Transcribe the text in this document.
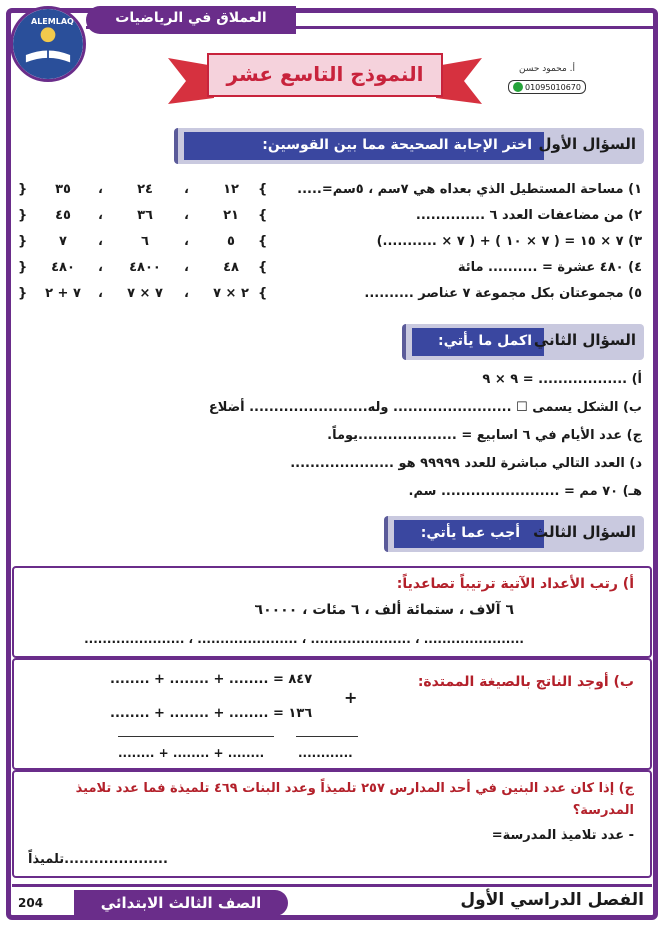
العملاق في الرياضيات
ALEMLAQ
النموذج التاسع عشر	أ. محمود حسن
01095010670
السؤال الأول
اختر الإجابة الصحيحة مما بين القوسين:
١) مساحة المستطيل الذي بعداه هي ٧سم ، ٥سم=.....
}
{	١٢
،
٢٤
،
٣٥
٢) من مضاعفات العدد ٦ ..............
}
{	٢١
،
٣٦
،
٤٥
٣) ٧ × ١٥ = ( ٧ × ١٠ ) + ( ٧ × ...........)
}
{	٥
،
٦
،
٧
٤) ٤٨٠ عشرة = .......... مائة
}
{	٤٨
،
٤٨٠٠
،
٤٨٠
٥) مجموعتان بكل مجموعة ٧ عناصر ..........
}
{	٢ × ٧
،
٧ × ٧
،
٧ + ٢
السؤال الثاني
اكمل ما يأتي:
أ) .................. = ٩ × ٩
ب) الشكل يسمى ☐ ........................ وله........................ أضلاع
ج) عدد الأيام في ٦ اسابيع = ....................يوماً.
د) العدد التالي مباشرة للعدد ٩٩٩٩٩ هو .....................
هـ) ٧٠ مم = ........................ سم.
السؤال الثالث
أجب عما يأتي:
أ) رتب الأعداد الآتية ترتيباً تصاعدياً:
٦ آلاف ، ستمائة ألف ، ٦ مئات ، ٦٠٠٠٠
...................... ، ...................... ، ...................... ، ......................
ب) أوجد الناتج بالصيغة الممتدة:
٨٤٧ = ........ + ........ + ........
+
١٣٦ = ........ + ........ + ........
............
........ + ........ + ........
ج) إذا كان عدد البنين في أحد المدارس ٢٥٧ تلميذاً وعدد البنات ٤٦٩ تلميذة فما عدد تلاميذ المدرسة؟
- عدد تلاميذ المدرسة=
.....................تلميذاً
الفصل الدراسي الأول
الصف الثالث الابتدائي
204
